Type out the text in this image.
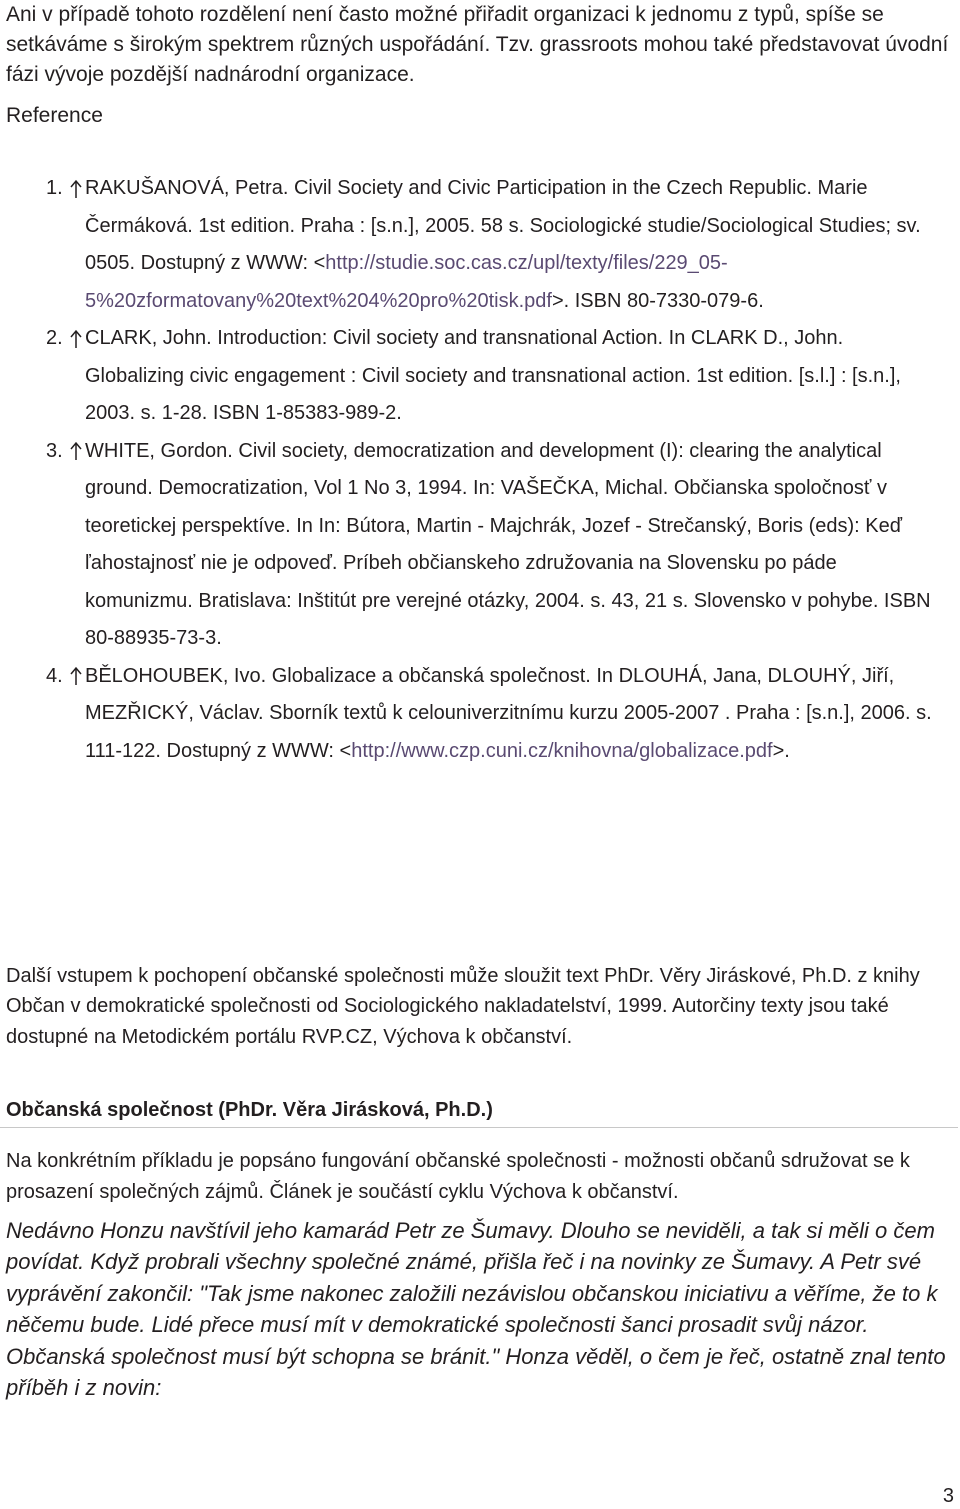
Ani v případě tohoto rozdělení není často možné přiřadit organizaci k jednomu z typů, spíše se setkáváme s širokým spektrem různých uspořádání. Tzv. grassroots mohou také představovat úvodní fázi vývoje pozdější nadnárodní organizace.
Reference
1. RAKUŠANOVÁ, Petra. Civil Society and Civic Participation in the Czech Republic. Marie Čermáková. 1st edition. Praha : [s.n.], 2005. 58 s. Sociologické studie/Sociological Studies; sv. 0505. Dostupný z WWW: <http://studie.soc.cas.cz/upl/texty/files/229_05-5%20zformatovany%20text%204%20pro%20tisk.pdf>. ISBN 80-7330-079-6.
2. CLARK, John. Introduction: Civil society and transnational Action. In CLARK D., John. Globalizing civic engagement : Civil society and transnational action. 1st edition. [s.l.] : [s.n.], 2003. s. 1-28. ISBN 1-85383-989-2.
3. WHITE, Gordon. Civil society, democratization and development (I): clearing the analytical ground. Democratization, Vol 1 No 3, 1994. In: VAŠEČKA, Michal. Občianska spoločnosť v teoretickej perspektíve. In In: Bútora, Martin - Majchrák, Jozef - Strečanský, Boris (eds): Keď ľahostajnosť nie je odpoveď. Príbeh občianskeho združovania na Slovensku po páde komunizmu. Bratislava: Inštitút pre verejné otázky, 2004. s. 43, 21 s. Slovensko v pohybe. ISBN 80-88935-73-3.
4. BĚLOHOUBEK, Ivo. Globalizace a občanská společnost. In DLOUHÁ, Jana, DLOUHÝ, Jiří, MEZŘICKÝ, Václav. Sborník textů k celouniverzitnímu kurzu 2005-2007 . Praha : [s.n.], 2006. s. 111-122. Dostupný z WWW: <http://www.czp.cuni.cz/knihovna/globalizace.pdf>.
Další vstupem k pochopení občanské společnosti může sloužit text PhDr. Věry Jiráskové, Ph.D. z knihy Občan v demokratické společnosti od Sociologického nakladatelství, 1999. Autorčiny texty jsou také dostupné na Metodickém portálu RVP.CZ, Výchova k občanství.
Občanská společnost (PhDr. Věra Jirásková, Ph.D.)
Na konkrétním příkladu je popsáno fungování občanské společnosti - možnosti občanů sdružovat se k prosazení společných zájmů. Článek je součástí cyklu Výchova k občanství.
Nedávno Honzu navštívil jeho kamarád Petr ze Šumavy. Dlouho se neviděli, a tak si měli o čem povídat. Když probrali všechny společné známé, přišla řeč i na novinky ze Šumavy. A Petr své vyprávění zakončil: "Tak jsme nakonec založili nezávislou občanskou iniciativu a věříme, že to k něčemu bude. Lidé přece musí mít v demokratické společnosti šanci prosadit svůj názor. Občanská společnost musí být schopna se bránit." Honza věděl, o čem je řeč, ostatně znal tento příběh i z novin:
3
